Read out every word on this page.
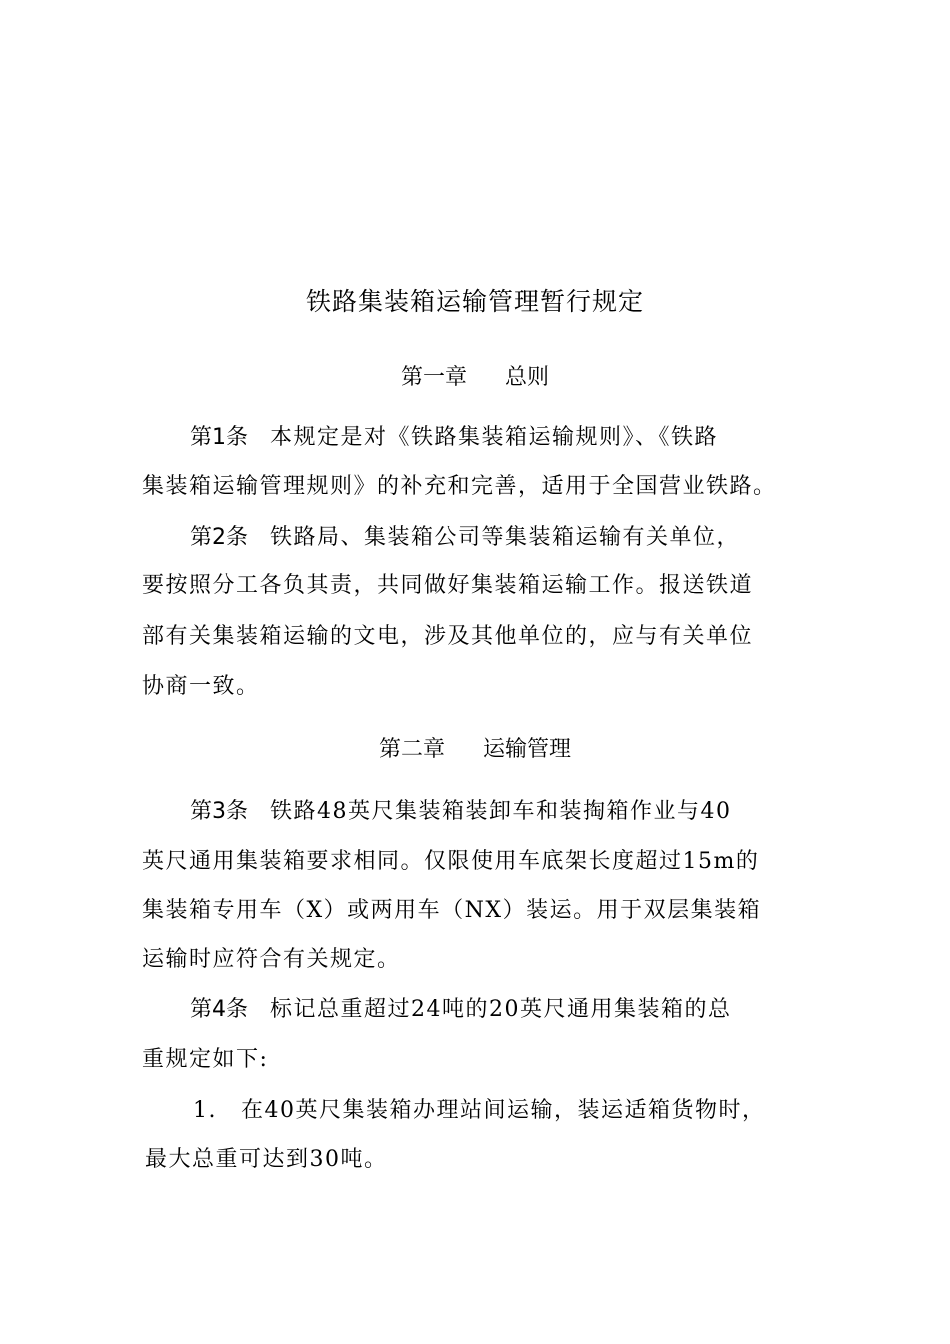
铁路集装箱运输管理暂行规定
第一章 总则
第1条 本规定是对《铁路集装箱运输规则》、《铁路
集装箱运输管理规则》的补充和完善，适用于全国营业铁路。
第2条 铁路局、集装箱公司等集装箱运输有关单位，
要按照分工各负其责，共同做好集装箱运输工作。报送铁道
部有关集装箱运输的文电，涉及其他单位的，应与有关单位
协商一致。
第二章 运输管理
第3条 铁路48英尺集装箱装卸车和装掏箱作业与40
英尺通用集装箱要求相同。仅限使用车底架长度超过15m的
集装箱专用车（X）或两用车（NX）装运。用于双层集装箱
运输时应符合有关规定。
第4条 标记总重超过24吨的20英尺通用集装箱的总
重规定如下:
1. 在40英尺集装箱办理站间运输，装运适箱货物时，
最大总重可达到30吨。
